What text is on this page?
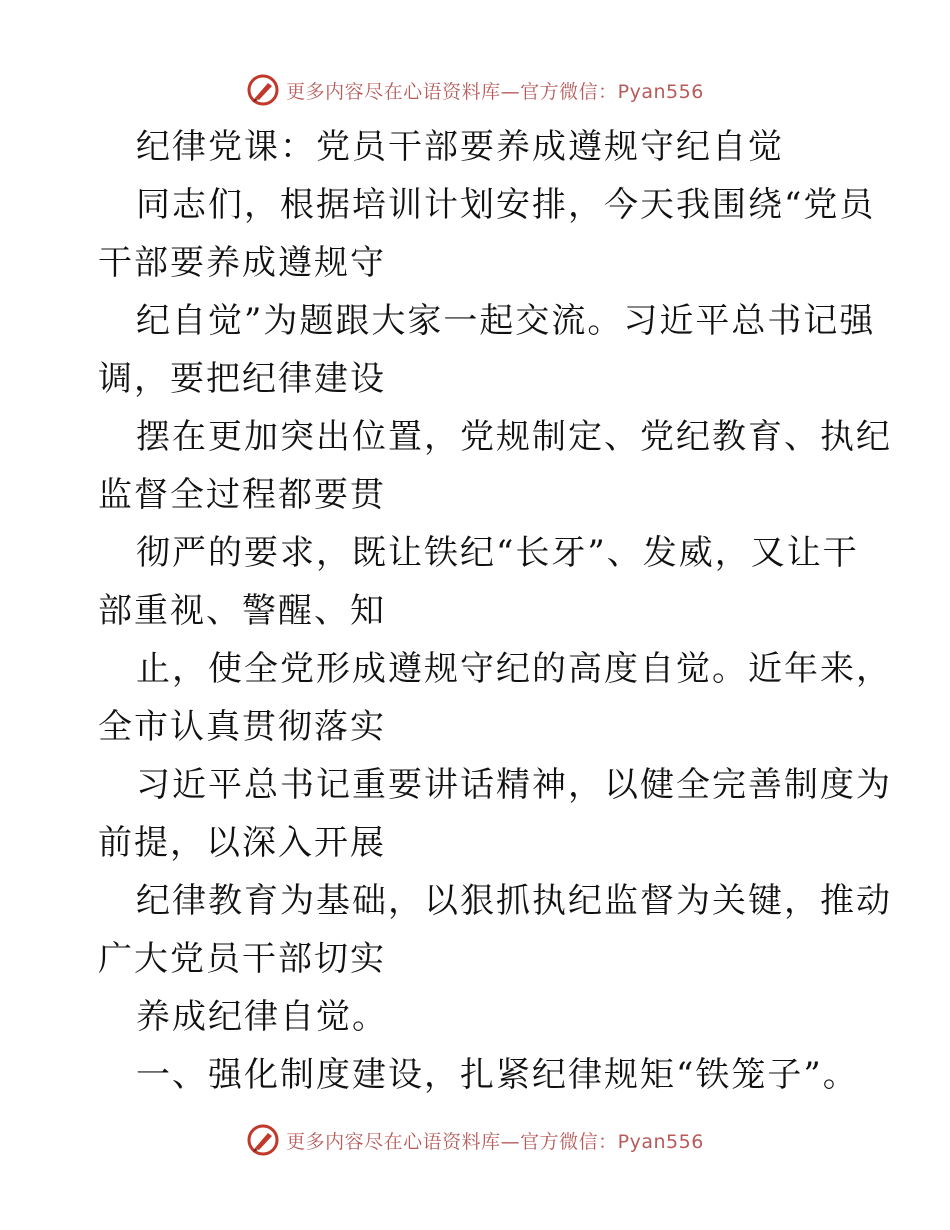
更多内容尽在心语资料库—官方微信：Pyan556
纪律党课：党员干部要养成遵规守纪自觉
同志们，根据培训计划安排，今天我围绕“党员
干部要养成遵规守
纪自觉”为题跟大家一起交流。习近平总书记强
调，要把纪律建设
摆在更加突出位置，党规制定、党纪教育、执纪
监督全过程都要贯
彻严的要求，既让铁纪“长牙”、发威，又让干
部重视、警醒、知
止，使全党形成遵规守纪的高度自觉。近年来，
全市认真贯彻落实
习近平总书记重要讲话精神，以健全完善制度为
前提，以深入开展
纪律教育为基础，以狠抓执纪监督为关键，推动
广大党员干部切实
养成纪律自觉。
一、强化制度建设，扎紧纪律规矩“铁笼子”。
更多内容尽在心语资料库—官方微信：Pyan556
